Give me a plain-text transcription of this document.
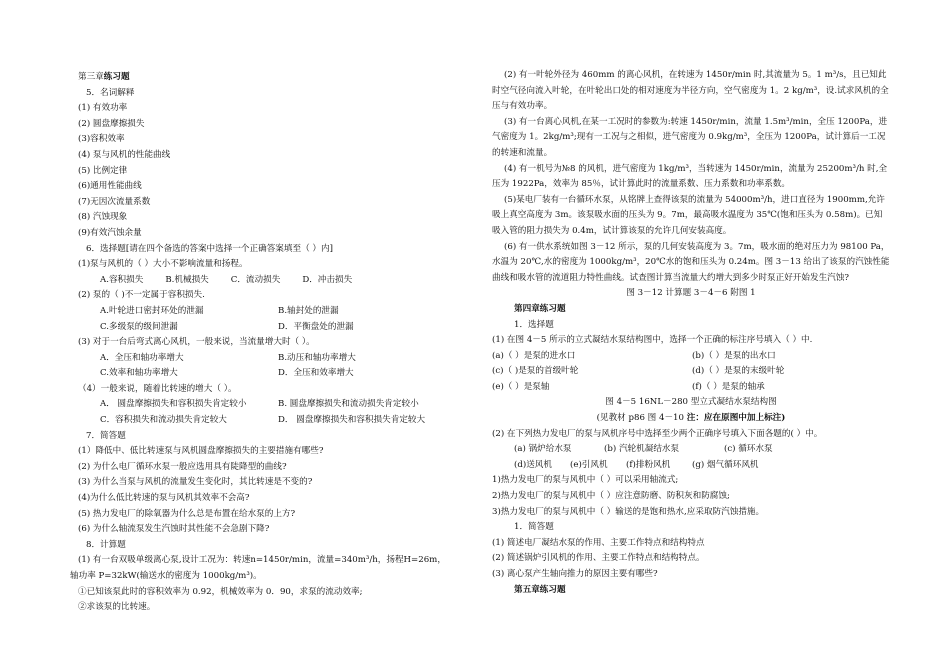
第三章练习题
5．名词解释
(1) 有效功率
(2) 圆盘摩擦损失
(3)容积效率
(4) 泵与风机的性能曲线
(5) 比例定律
(6)通用性能曲线
(7)无因次流量系数
(8) 汽蚀现象
(9)有效汽蚀余量
6．选择题[请在四个备选的答案中选择一个正确答案填至（ ）内]
(1)泵与风机的（ ）大小不影响流量和扬程。
A.容积损失	B.机械损失	C．流动损失	D．冲击损失
(2) 泵的（ )不一定属于容积损失.
A.叶轮进口密封环处的泄漏	B.轴封处的泄漏
C.多级泵的级间泄漏	D．平衡盘处的泄漏
(3) 对于一台后弯式离心风机，一般来说，当流量增大时（ ）。
A．全压和轴功率增大	B.动压和轴功率增大
C.效率和轴功率增大	D．全压和效率增大
（4）一般来说，随着比转速的增大（ ）。
A． 圆盘摩擦损失和容积损失肯定较小	B. 圆盘摩擦损失和流动损失肯定较小
C．容积损失和流动损失肯定较大	D． 圆盘摩擦损失和容积损失肯定较大
7．简答题
(1）降低中、低比转速泵与风机圆盘摩擦损失的主要措施有哪些?
(2) 为什么电厂循环水泵一般应选用具有陡降型的曲线?
(3) 为什么当泵与风机的流量发生变化时，其比转速是不变的?
(4)为什么低比转速的泵与风机其效率不会高?
(5) 热力发电厂的除氧器为什么总是布置在给水泵的上方?
(6) 为什么轴流泵发生汽蚀时其性能不会急剧下降?
8．计算题
(1) 有一台双吸单级离心泵,设计工况为：转速n=1450r/min，流量=340m³/h，扬程H=26m，
轴功率 P=32kW(输送水的密度为 1000kg/m³)。
①已知该泵此时的容积效率为 0.92，机械效率为 0．90，求泵的流动效率;
②求该泵的比转速。
(2) 有一叶轮外径为 460mm 的离心风机，在转速为 1450r/min 时,其流量为 5。1 m³/s，且已知此时空气径向流入叶轮，在叶轮出口处的相对速度为半径方向，空气密度为 1。2 kg/m³，设.试求风机的全压与有效功率。
(3) 有一台离心风机,在某一工况时的参数为:转速 1450r/min，流量 1.5m³/min，全压 1200Pa，进气密度为 1。2kg/m³;现有一工况与之相似，进气密度为 0.9kg/m³，全压为 1200Pa，试计算后一工况的转速和流量。
(4) 有一机号为№8 的风机，进气密度为 1kg/m³，当转速为 1450r/min，流量为 25200m³/h 时,全压为 1922Pa，效率为 85％，试计算此时的流量系数、压力系数和功率系数。
(5)某电厂装有一台循环水泵，从铭牌上查得该泵的流量为 54000m³/h，进口直径为 1900mm,允许吸上真空高度为 3m。该泵吸水面的压头为 9。7m，最高吸水温度为 35℃(饱和压头为 0.58m)。已知吸入管的阻力损失为 0.4m，试计算该泵的允许几何安装高度。
(6) 有一供水系统如图 3－12 所示，泵的几何安装高度为 3。7m，吸水面的绝对压力为 98100 Pa，水温为 20℃,水的密度为 1000kg/m³，20℃水的饱和压头为 0.24m。图 3－13 给出了该泵的汽蚀性能曲线和吸水管的流道阻力特性曲线。试查图计算当流量大约增大到多少时泵正好开始发生汽蚀?
图 3－12 计算题 3－4－6 附图 1
第四章练习题
1．选择题
(1) 在图 4－5 所示的立式凝结水泵结构图中，选择一个正确的标注序号填入（ ）中.
(a)（ ）是泵的进水口	(b)（ ）是泵的出水口
(c)（ )是泵的首级叶轮	(d)（ ）是泵的末级叶轮
(e)（ ）是泵轴	(f)（ ）是泵的轴承
图 4－5 16NL－280 型立式凝结水泵结构图
(见教材 p86 图 4－10 注：应在原图中加上标注)
(2) 在下列热力发电厂的泵与风机序号中选择至少两个正确序号填入下面各题的( ）中。
(a) 锅炉给水泵	(b) 汽轮机凝结水泵	(c) 循环水泵
(d)送风机	(e)引风机	(f)排粉风机	(g) 烟气循环风机
1)热力发电厂的泵与风机中（ ）可以采用轴流式;
2)热力发电厂的泵与风机中（ ）应注意防磨、防积灰和防腐蚀;
3)热力发电厂的泵与风机中（ ）输送的是饱和热水,应采取防汽蚀措施。
1．简答题
(1) 简述电厂凝结水泵的作用、主要工作特点和结构特点
(2) 简述锅炉引风机的作用、主要工作特点和结构特点。
(3) 离心泵产生轴向推力的原因主要有哪些?
第五章练习题
